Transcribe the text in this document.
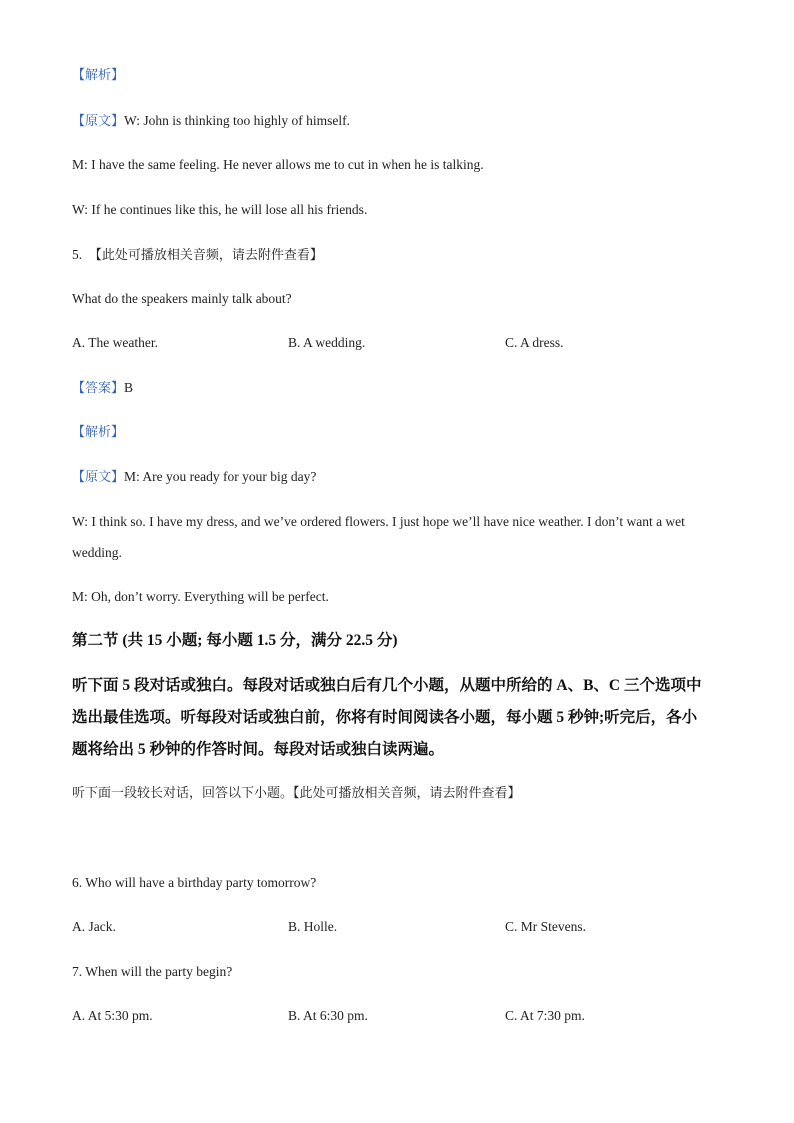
【解析】
【原文】W: John is thinking too highly of himself.
M: I have the same feeling. He never allows me to cut in when he is talking.
W: If he continues like this, he will lose all his friends.
5. 【此处可播放相关音频，请去附件查看】
What do the speakers mainly talk about?
A. The weather.	B. A wedding.	C. A dress.
【答案】B
【解析】
【原文】M: Are you ready for your big day?
W: I think so. I have my dress, and we’ve ordered flowers. I just hope we’ll have nice weather. I don’t want a wet
wedding.
M: Oh, don’t worry. Everything will be perfect.
第二节 (共 15 小题; 每小题 1.5 分，满分 22.5 分)
听下面 5 段对话或独白。每段对话或独白后有几个小题，从题中所给的 A、B、C 三个选项中
选出最佳选项。听每段对话或独白前，你将有时间阅读各小题，每小题 5 秒钟;听完后，各小
题将给出 5 秒钟的作答时间。每段对话或独白读两遍。
听下面一段较长对话，回答以下小题。【此处可播放相关音频，请去附件查看】
6. Who will have a birthday party tomorrow?
A. Jack.	B. Holle.	C. Mr Stevens.
7. When will the party begin?
A. At 5:30 pm.	B. At 6:30 pm.	C. At 7:30 pm.
